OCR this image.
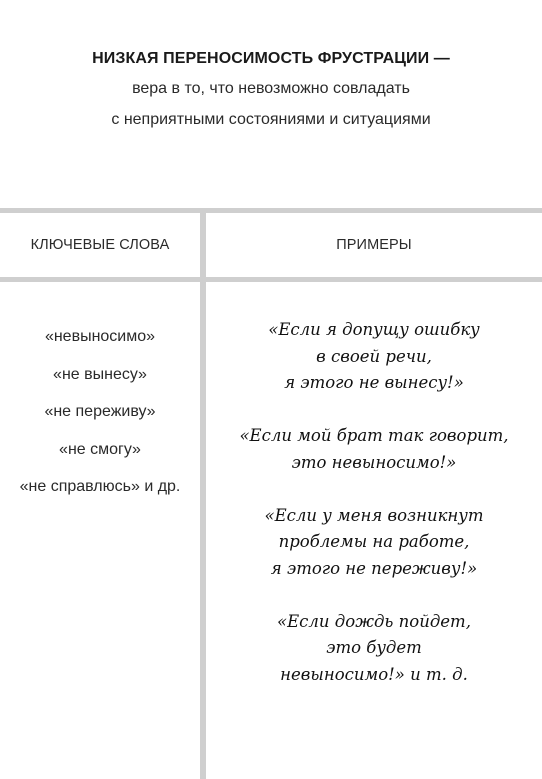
НИЗКАЯ ПЕРЕНОСИМОСТЬ ФРУСТРАЦИИ —
вера в то, что невозможно совладать
с неприятными состояниями и ситуациями
КЛЮЧЕВЫЕ СЛОВА	ПРИМЕРЫ
«невыносимо»
«не вынесу»
«не переживу»
«не смогу»
«не справлюсь» и др.
«Если я допущу ошибку
в своей речи,
я этого не вынесу!»
«Если мой брат так говорит,
это невыносимо!»
«Если у меня возникнут
проблемы на работе,
я этого не переживу!»
«Если дождь пойдет,
это будет
невыносимо!» и т. д.
